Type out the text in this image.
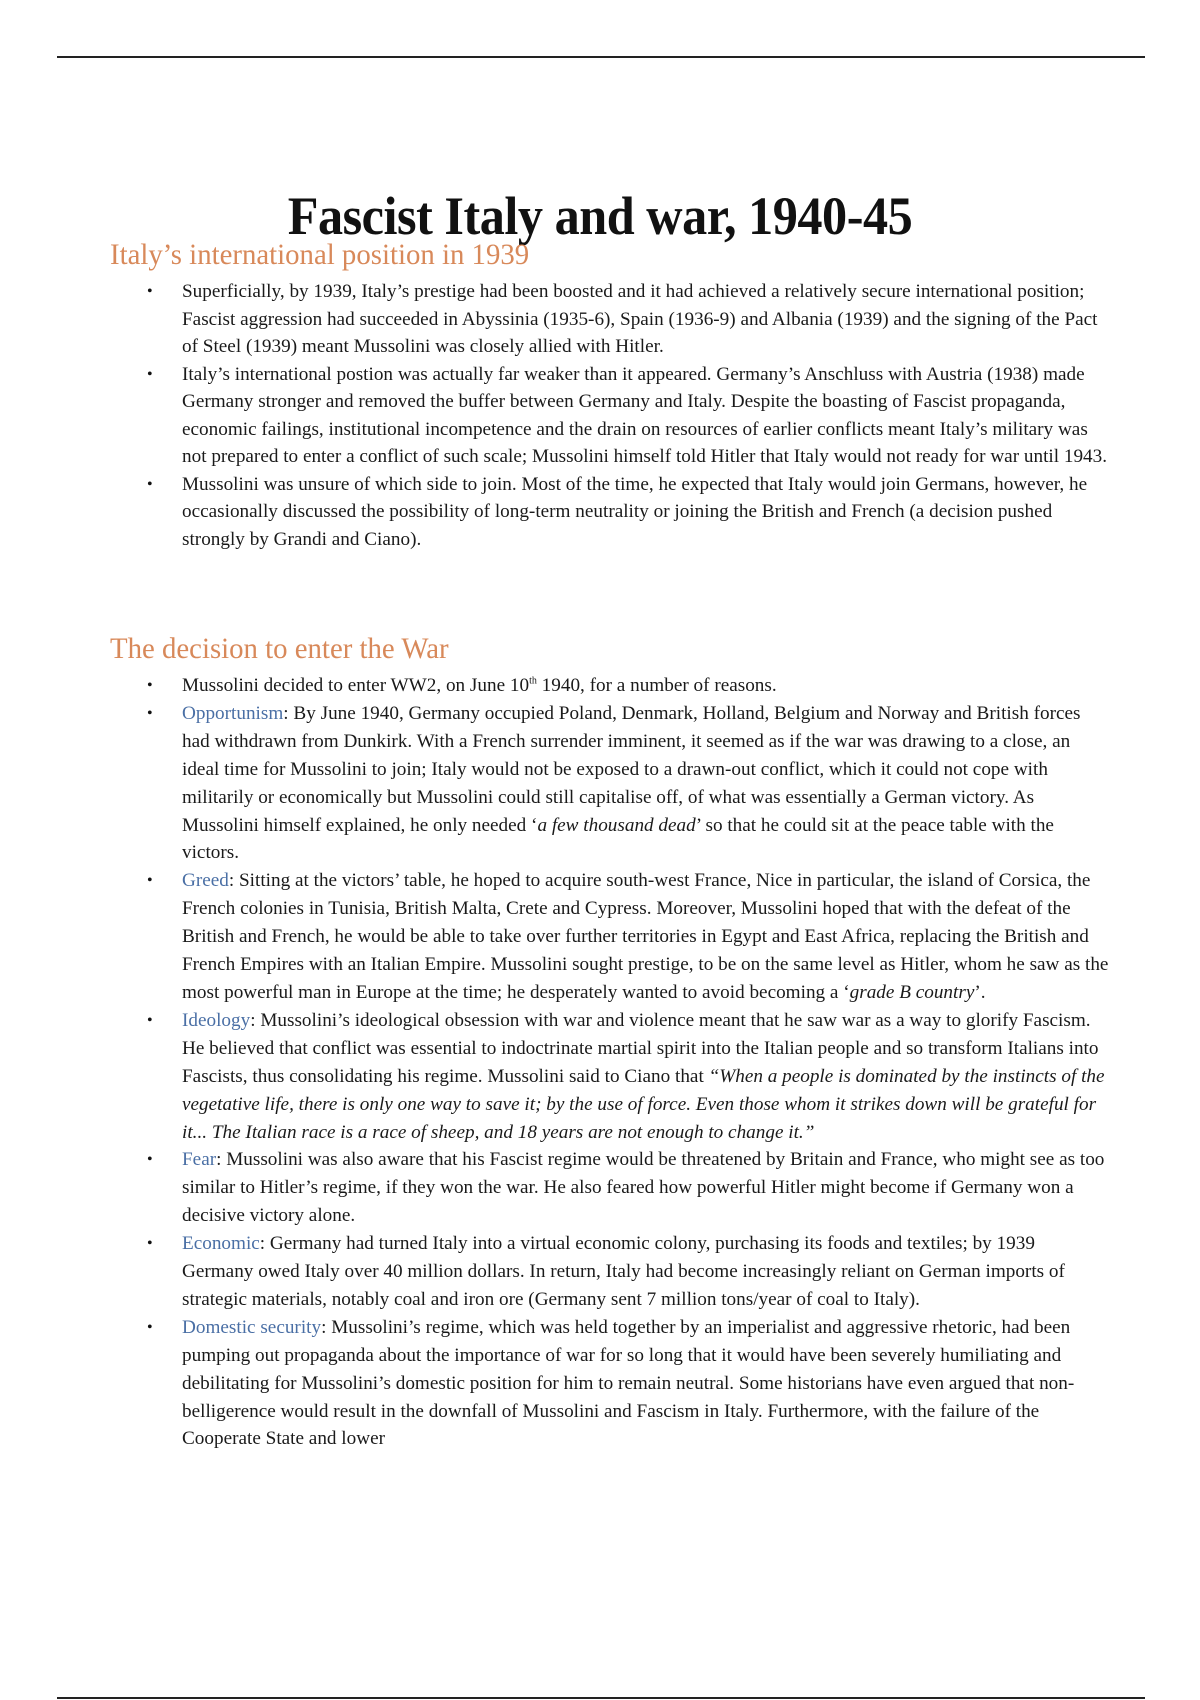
Fascist Italy and war, 1940-45
Italy’s international position in 1939
• Superficially, by 1939, Italy’s prestige had been boosted and it had achieved a relatively secure international position; Fascist aggression had succeeded in Abyssinia (1935-6), Spain (1936-9) and Albania (1939) and the signing of the Pact of Steel (1939) meant Mussolini was closely allied with Hitler.
• Italy’s international postion was actually far weaker than it appeared. Germany’s Anschluss with Austria (1938) made Germany stronger and removed the buffer between Germany and Italy. Despite the boasting of Fascist propaganda, economic failings, institutional incompetence and the drain on resources of earlier conflicts meant Italy’s military was not prepared to enter a conflict of such scale; Mussolini himself told Hitler that Italy would not ready for war until 1943.
• Mussolini was unsure of which side to join. Most of the time, he expected that Italy would join Germans, however, he occasionally discussed the possibility of long-term neutrality or joining the British and French (a decision pushed strongly by Grandi and Ciano).
The decision to enter the War
• Mussolini decided to enter WW2, on June 10th 1940, for a number of reasons.
• Opportunism: By June 1940, Germany occupied Poland, Denmark, Holland, Belgium and Norway and British forces had withdrawn from Dunkirk. With a French surrender imminent, it seemed as if the war was drawing to a close, an ideal time for Mussolini to join; Italy would not be exposed to a drawn-out conflict, which it could not cope with militarily or economically but Mussolini could still capitalise off, of what was essentially a German victory. As Mussolini himself explained, he only needed ‘a few thousand dead’ so that he could sit at the peace table with the victors.
• Greed: Sitting at the victors’ table, he hoped to acquire south-west France, Nice in particular, the island of Corsica, the French colonies in Tunisia, British Malta, Crete and Cypress. Moreover, Mussolini hoped that with the defeat of the British and French, he would be able to take over further territories in Egypt and East Africa, replacing the British and French Empires with an Italian Empire. Mussolini sought prestige, to be on the same level as Hitler, whom he saw as the most powerful man in Europe at the time; he desperately wanted to avoid becoming a ‘grade B country’.
• Ideology: Mussolini’s ideological obsession with war and violence meant that he saw war as a way to glorify Fascism. He believed that conflict was essential to indoctrinate martial spirit into the Italian people and so transform Italians into Fascists, thus consolidating his regime. Mussolini said to Ciano that “When a people is dominated by the instincts of the vegetative life, there is only one way to save it; by the use of force. Even those whom it strikes down will be grateful for it... The Italian race is a race of sheep, and 18 years are not enough to change it.”
• Fear: Mussolini was also aware that his Fascist regime would be threatened by Britain and France, who might see as too similar to Hitler’s regime, if they won the war. He also feared how powerful Hitler might become if Germany won a decisive victory alone.
• Economic: Germany had turned Italy into a virtual economic colony, purchasing its foods and textiles; by 1939 Germany owed Italy over 40 million dollars. In return, Italy had become increasingly reliant on German imports of strategic materials, notably coal and iron ore (Germany sent 7 million tons/year of coal to Italy).
• Domestic security: Mussolini’s regime, which was held together by an imperialist and aggressive rhetoric, had been pumping out propaganda about the importance of war for so long that it would have been severely humiliating and debilitating for Mussolini’s domestic position for him to remain neutral. Some historians have even argued that non-belligerence would result in the downfall of Mussolini and Fascism in Italy. Furthermore, with the failure of the Cooperate State and lower
